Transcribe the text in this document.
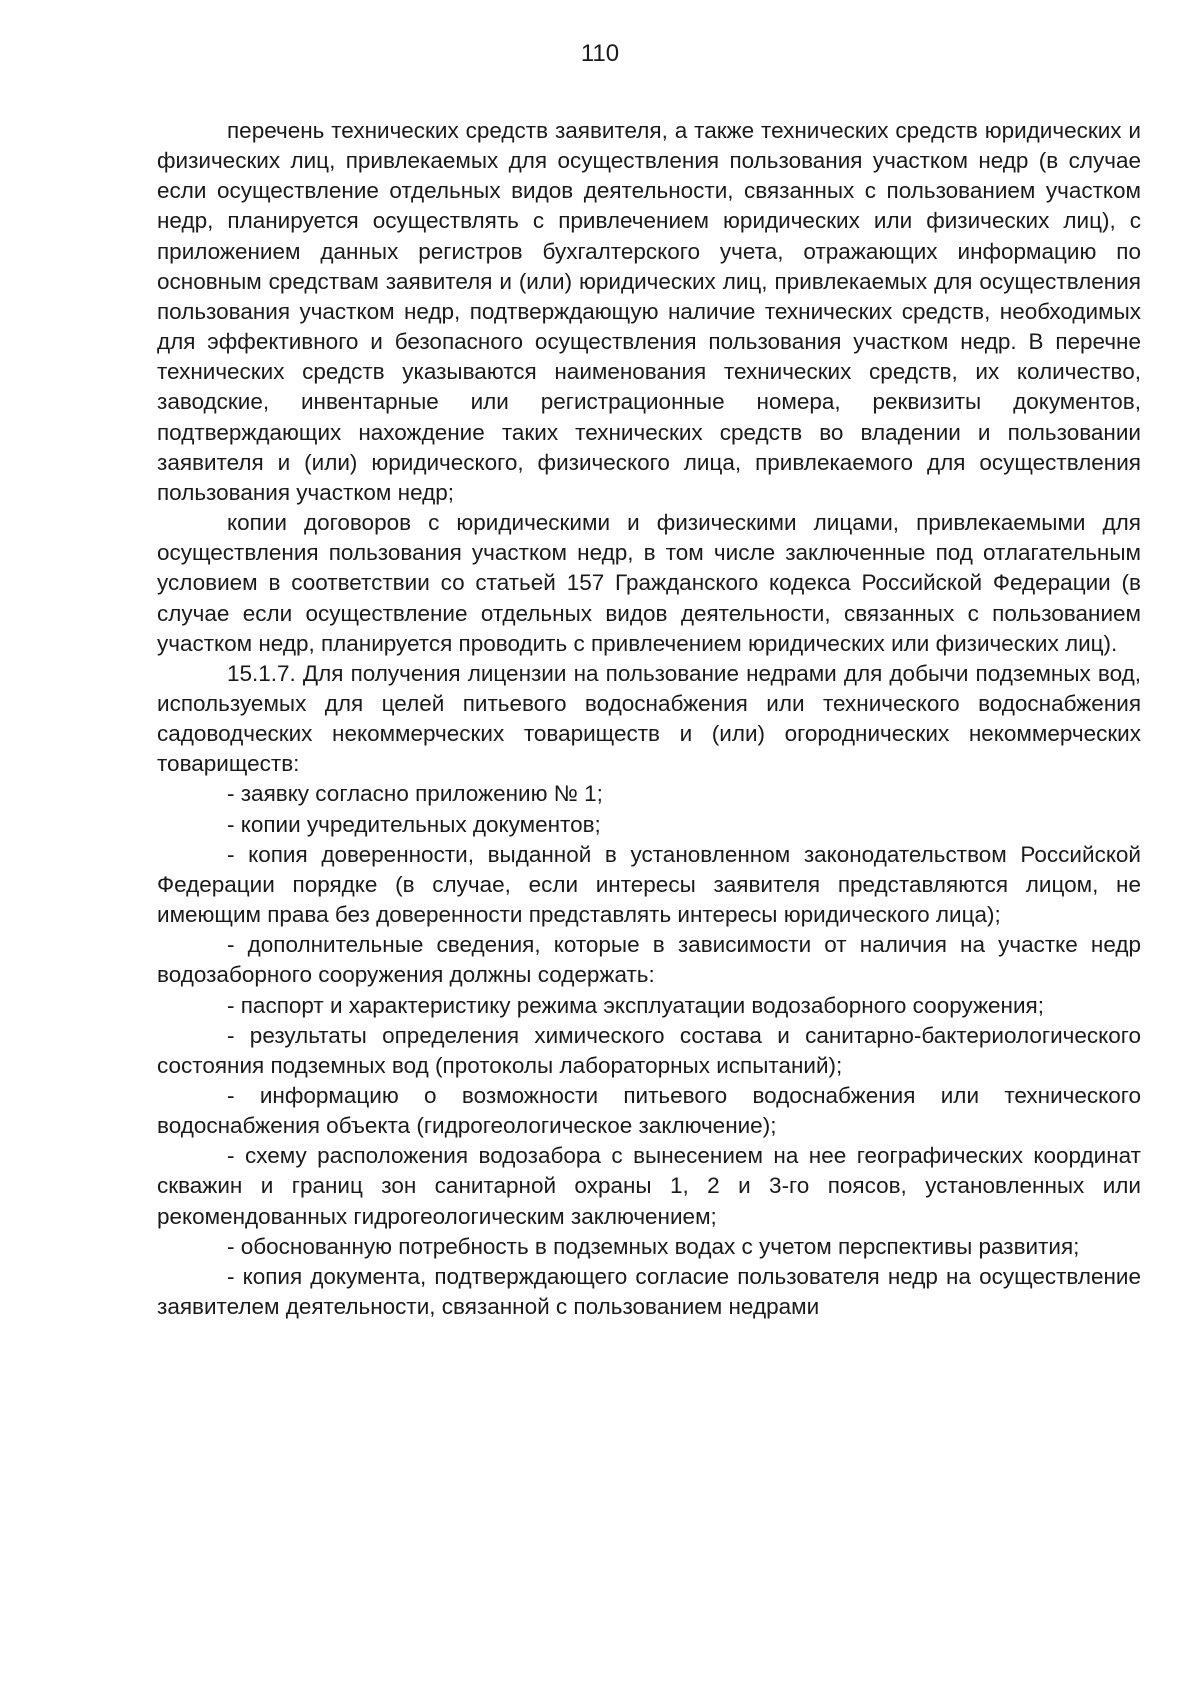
110

перечень технических средств заявителя, а также технических средств юридических и физических лиц, привлекаемых для осуществления пользования участком недр (в случае если осуществление отдельных видов деятельности, связанных с пользованием участком недр, планируется осуществлять с привлечением юридических или физических лиц), с приложением данных регистров бухгалтерского учета, отражающих информацию по основным средствам заявителя и (или) юридических лиц, привлекаемых для осуществления пользования участком недр, подтверждающую наличие технических средств, необходимых для эффективного и безопасного осуществления пользования участком недр. В перечне технических средств указываются наименования технических средств, их количество, заводские, инвентарные или регистрационные номера, реквизиты документов, подтверждающих нахождение таких технических средств во владении и пользовании заявителя и (или) юридического, физического лица, привлекаемого для осуществления пользования участком недр;

копии договоров с юридическими и физическими лицами, привлекаемыми для осуществления пользования участком недр, в том числе заключенные под отлагательным условием в соответствии со статьей 157 Гражданского кодекса Российской Федерации (в случае если осуществление отдельных видов деятельности, связанных с пользованием участком недр, планируется проводить с привлечением юридических или физических лиц).

15.1.7. Для получения лицензии на пользование недрами для добычи подземных вод, используемых для целей питьевого водоснабжения или технического водоснабжения садоводческих некоммерческих товариществ и (или) огороднических некоммерческих товариществ:

- заявку согласно приложению № 1;

- копии учредительных документов;

- копия доверенности, выданной в установленном законодательством Российской Федерации порядке (в случае, если интересы заявителя представляются лицом, не имеющим права без доверенности представлять интересы юридического лица);

- дополнительные сведения, которые в зависимости от наличия на участке недр водозаборного сооружения должны содержать:

- паспорт и характеристику режима эксплуатации водозаборного сооружения;

- результаты определения химического состава и санитарно-бактериологического состояния подземных вод (протоколы лабораторных испытаний);

- информацию о возможности питьевого водоснабжения или технического водоснабжения объекта (гидрогеологическое заключение);

- схему расположения водозабора с вынесением на нее географических координат скважин и границ зон санитарной охраны 1, 2 и 3-го поясов, установленных или рекомендованных гидрогеологическим заключением;

- обоснованную потребность в подземных водах с учетом перспективы развития;

- копия документа, подтверждающего согласие пользователя недр на осуществление заявителем деятельности, связанной с пользованием недрами
